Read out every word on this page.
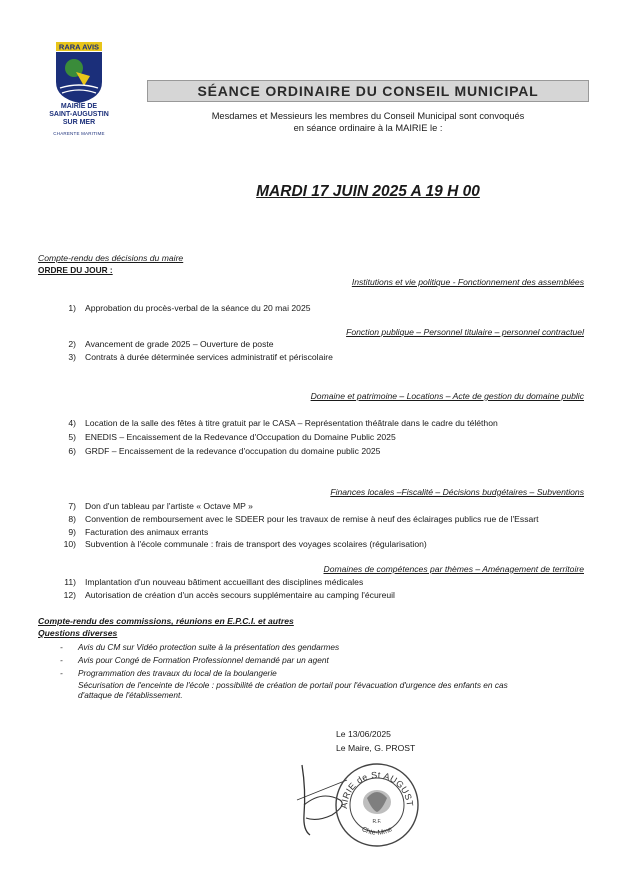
RARA AVIS
MAIRIE DE
SAINT-AUGUSTIN
SUR MER
CHARENTE MARITIME
SÉANCE ORDINAIRE DU CONSEIL MUNICIPAL
Mesdames et Messieurs les membres du Conseil Municipal sont convoqués
en séance ordinaire à la MAIRIE le :
MARDI 17 JUIN 2025 A 19 H 00
Compte-rendu des décisions du maire
ORDRE DU JOUR :
Institutions et vie politique - Fonctionnement des assemblées
1) Approbation du procès-verbal de la séance du 20 mai 2025
Fonction publique – Personnel titulaire – personnel contractuel
2) Avancement de grade 2025 – Ouverture de poste
3) Contrats à durée déterminée services administratif et périscolaire
Domaine et patrimoine – Locations – Acte de gestion du domaine public
4) Location de la salle des fêtes à titre gratuit par le CASA – Représentation théâtrale dans le cadre du téléthon
5) ENEDIS – Encaissement de la Redevance d'Occupation du Domaine Public 2025
6) GRDF – Encaissement de la redevance d'occupation du domaine public 2025
Finances locales –Fiscalité – Décisions budgétaires – Subventions
7) Don d'un tableau par l'artiste « Octave MP »
8) Convention de remboursement avec le SDEER pour les travaux de remise à neuf des éclairages publics rue de l'Essart
9) Facturation des animaux errants
10) Subvention à l'école communale : frais de transport des voyages scolaires (régularisation)
Domaines de compétences par thèmes – Aménagement de territoire
11) Implantation d'un nouveau bâtiment accueillant des disciplines médicales
12) Autorisation de création d'un accès secours supplémentaire au camping l'écureuil
Compte-rendu des commissions, réunions en E.P.C.I. et autres
Questions diverses
-	Avis du CM sur Vidéo protection suite à la présentation des gendarmes
-	Avis pour Congé de Formation Professionnel demandé par un agent
-	Programmation des travaux du local de la boulangerie
Sécurisation de l'enceinte de l'école : possibilité de création de portail pour l'évacuation d'urgence des enfants en cas
d'attaque de l'établissement.
Le 13/06/2025
Le Maire, G. PROST
AIRIE de St AUGUST
Chte-Mme
R.F.
